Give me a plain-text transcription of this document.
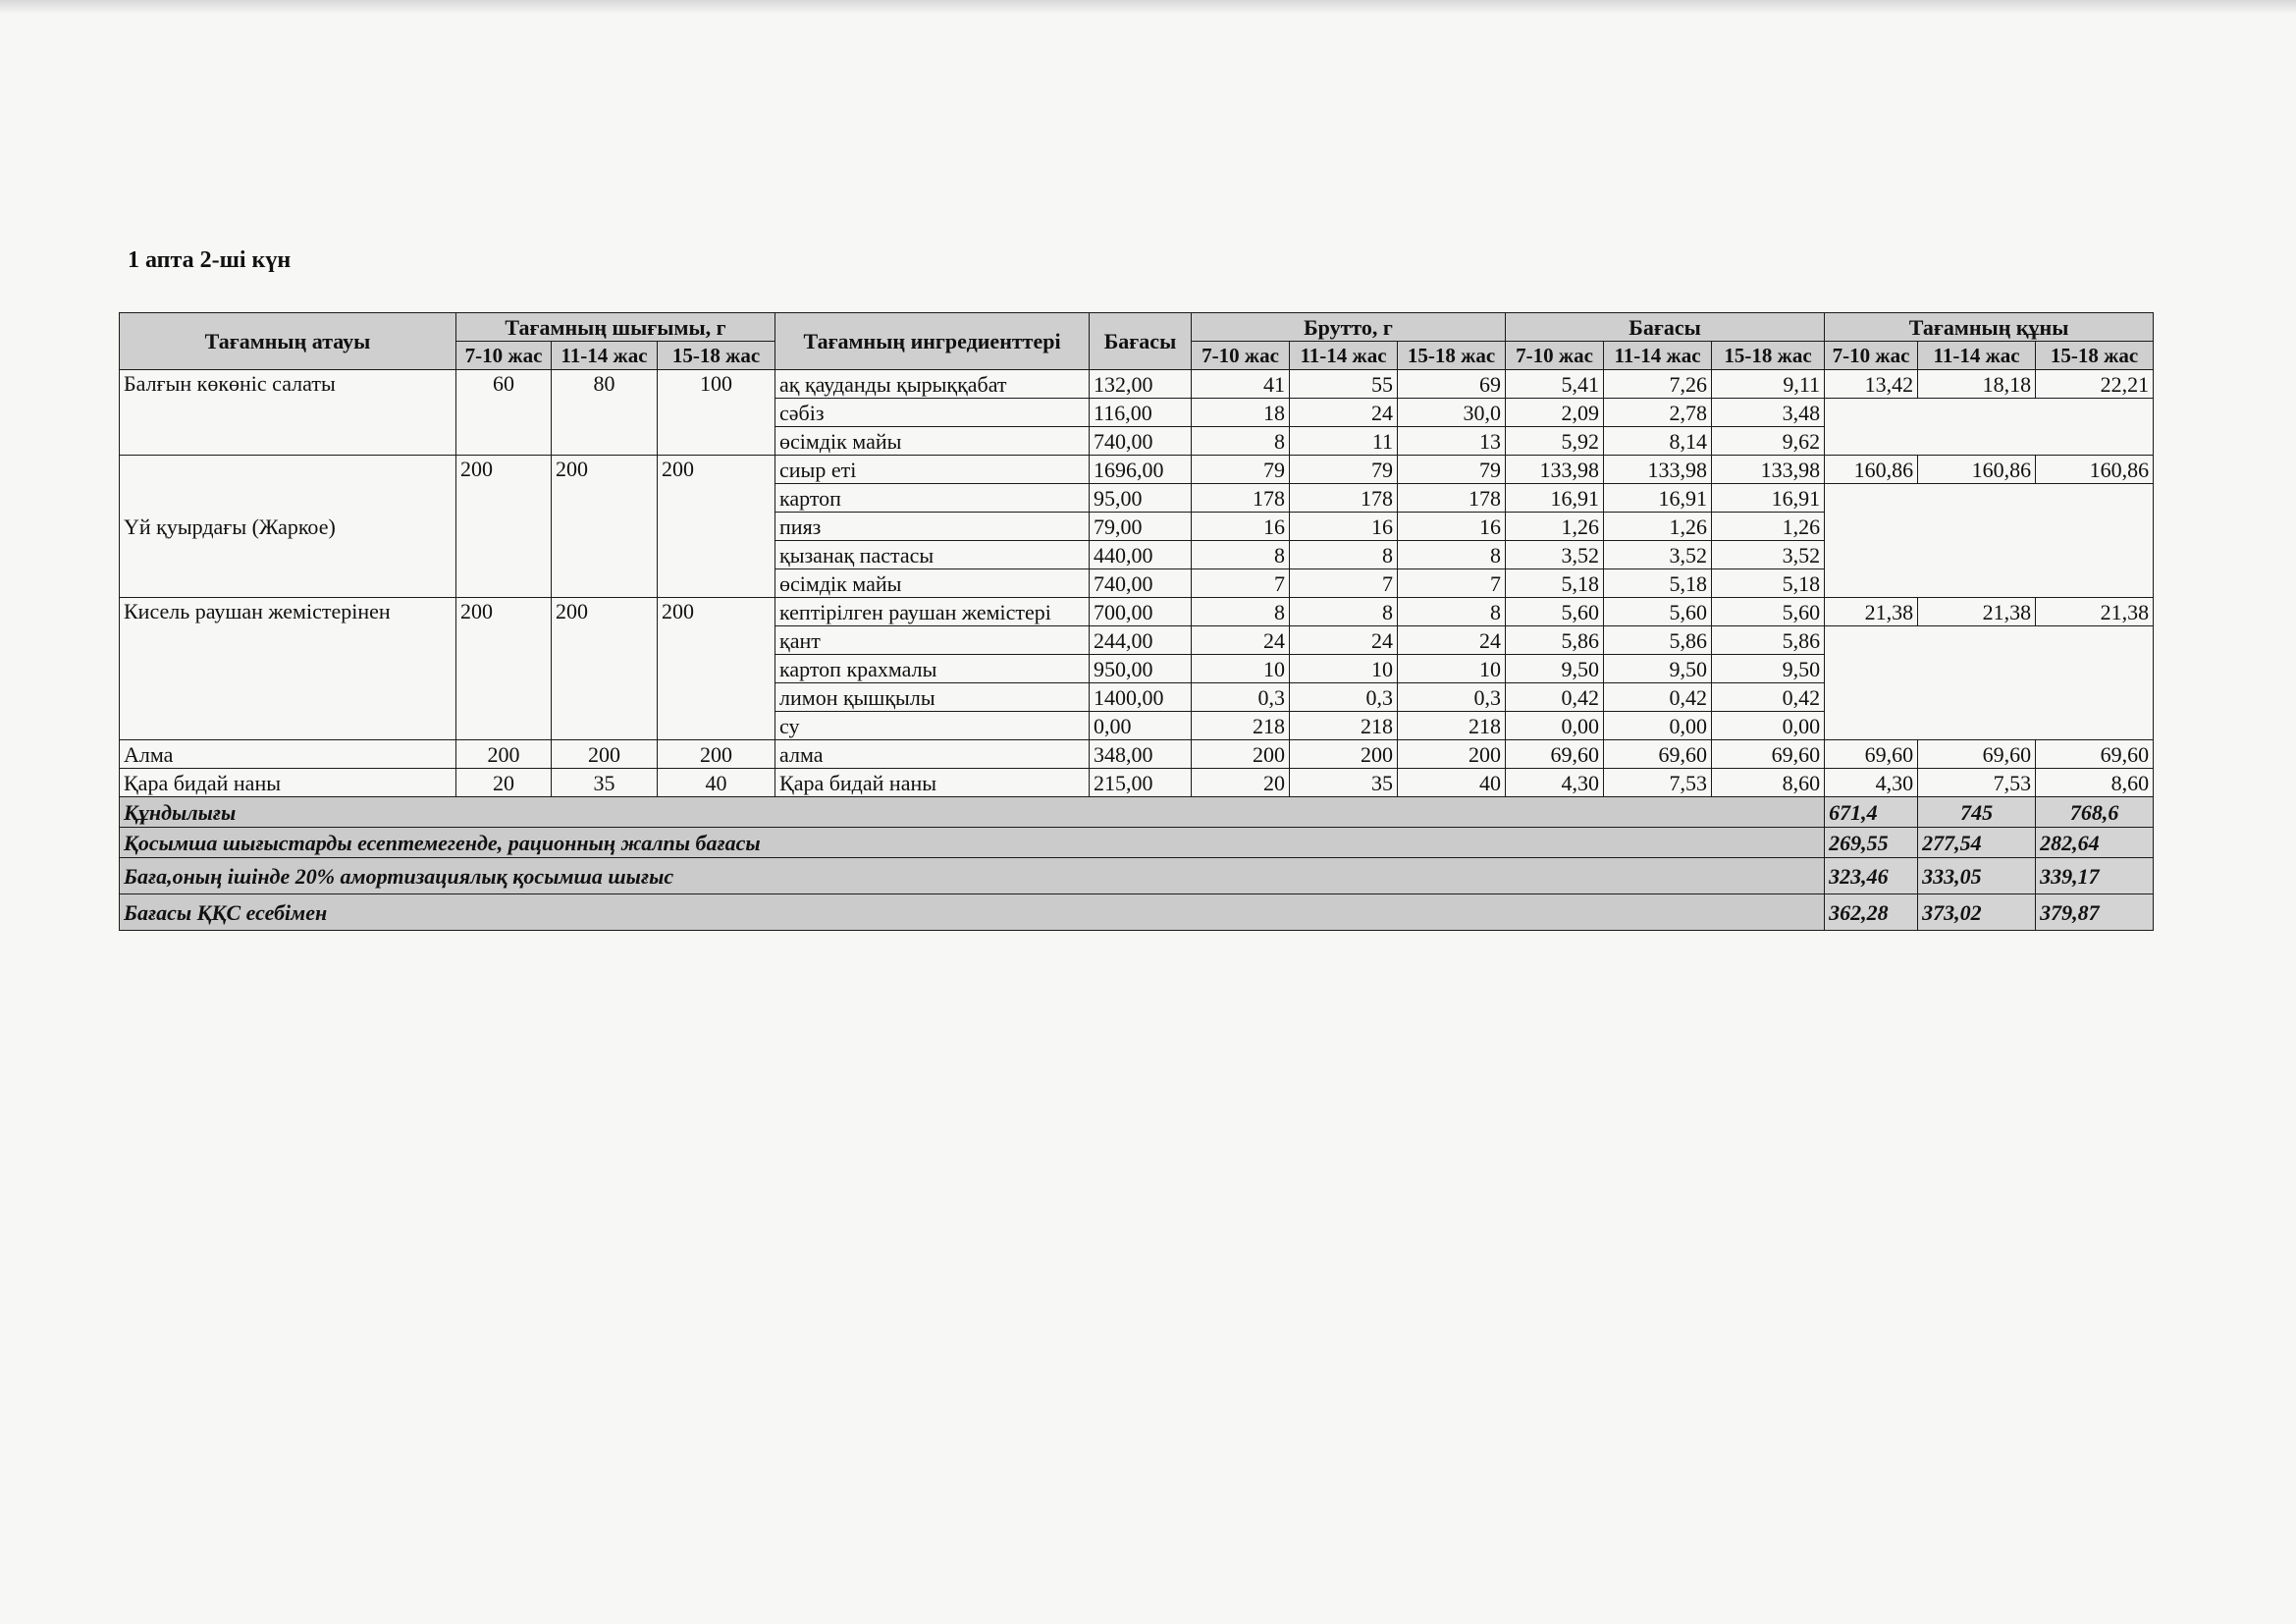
1 апта 2-ші күн
Тағамның атауы	Тағамның шығымы, г			Тағамның ингредиенттері	Бағасы	Брутто, г			Бағасы			Тағамның құны		
	7-10 жас	11-14 жас	15-18 жас			7-10 жас	11-14 жас	15-18 жас	7-10 жас	11-14 жас	15-18 жас	7-10 жас	11-14 жас	15-18 жас
Балғын көкөніс салаты	60	80	100	ақ қауданды қырыққабат	132,00	41	55	69	5,41	7,26	9,11	13,42	18,18	22,21
				сәбіз	116,00	18	24	30,0	2,09	2,78	3,48			
				өсімдік майы	740,00	8	11	13	5,92	8,14	9,62			
Үй қуырдағы (Жаркое)	200	200	200	сиыр еті	1696,00	79	79	79	133,98	133,98	133,98	160,86	160,86	160,86
				картоп	95,00	178	178	178	16,91	16,91	16,91			
				пияз	79,00	16	16	16	1,26	1,26	1,26			
				қызанақ пастасы	440,00	8	8	8	3,52	3,52	3,52			
				өсімдік майы	740,00	7	7	7	5,18	5,18	5,18			
Кисель раушан жемістерінен	200	200	200	кептірілген раушан жемістері	700,00	8	8	8	5,60	5,60	5,60	21,38	21,38	21,38
				қант	244,00	24	24	24	5,86	5,86	5,86			
				картоп крахмалы	950,00	10	10	10	9,50	9,50	9,50			
				лимон қышқылы	1400,00	0,3	0,3	0,3	0,42	0,42	0,42			
				су	0,00	218	218	218	0,00	0,00	0,00			
Алма	200	200	200	алма	348,00	200	200	200	69,60	69,60	69,60	69,60	69,60	69,60
Қара бидай наны	20	35	40	Қара бидай наны	215,00	20	35	40	4,30	7,53	8,60	4,30	7,53	8,60
Құндылығы												671,4	745	768,6
Қосымша шығыстарды есептемегенде, рационның жалпы бағасы												269,55	277,54	282,64
Баға,оның ішінде 20% амортизациялық қосымша шығыс												323,46	333,05	339,17
Бағасы ҚҚС есебімен												362,28	373,02	379,87
